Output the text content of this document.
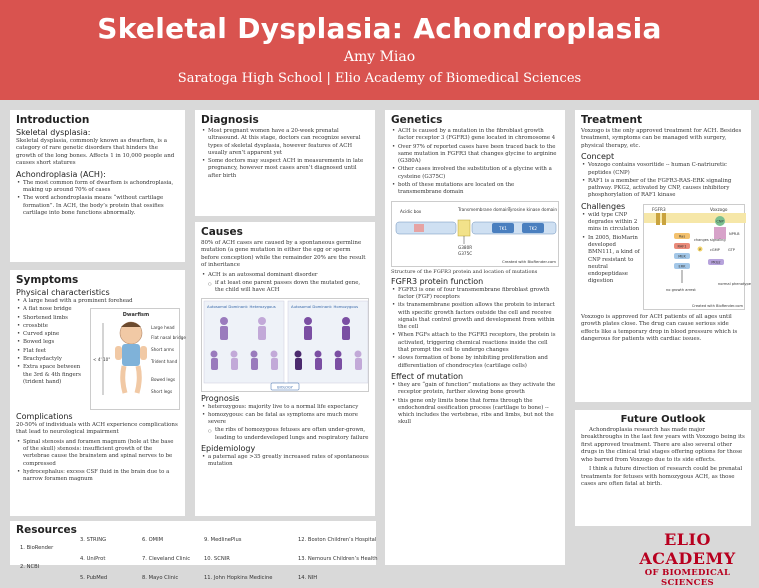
Skeletal Dysplasia: Achondroplasia
Amy Miao
Saratoga High School | Elio Academy of Biomedical Sciences
Introduction
Skeletal dysplasia:

Skeletal dysplasia, commonly known as dwarfism, is a category of rare genetic disorders that hinders the growth of the long bones. Affects 1 in 10,000 people and causes short statures

Achondroplasia (ACH):
• The most common form of dwarfism is achondroplasia, making up around 70% of cases
• The word achondroplasia means “without cartilage formation”. In ACH, the body’s protein that ossifies cartilage into bone functions abnormally.
Symptoms
Physical characteristics
• A large head with a prominent forehead
• A flat nose bridge
• Shortened limbs
• crossbite
• Curved spine
• Bowed legs
• Flat feet
• Brachydactyly
• Extra space between the 3rd & 4th fingers (trident hand)
Dwarfism
< 4' 10"
Large head
Flat nasal bridge
Short arms
Trident hand
Bowed legs
Short legs
Complications

20-50% of individuals with ACH experience complications that lead to neurological impairment

• Spinal stenosis and foramen magnum (hole at the base of the skull) stenosis: insufficient growth of the vertebrae cause the brainstem and spinal nerves to be compressed
• hydrocephalus: excess CSF fluid in the brain due to a narrow foramen magnum
Resources
1. BioRender
2. NCBI
3. STRING
4. UniProt
5. PubMed
6. OMIM
7. Cleveland Clinic
8. Mayo Clinic
9. MedlinePlus
10. SCNIR
11. John Hopkins Medicine
12. Boston Children’s Hospital
13. Nemours Children’s Health
14. NIH
Diagnosis
• Most pregnant women have a 20-week prenatal ultrasound. At this stage, doctors can recognize several types of skeletal dysplasia, however features of ACH usually aren’t apparent yet
• Some doctors may suspect ACH in measurements in late pregnancy, however most cases aren’t diagnosed until after birth
Causes

80% of ACH cases are caused by a spontaneous germline mutation (a gene mutation in either the egg or sperm before conception) while the remainder 20% are the result of inheritance

• ACH is an autosomal dominant disorder
○ if at least one parent passes down the mutated gene, the child will have ACH
Autosomal Dominant: Heterozygous	Autosomal Dominant: Homozygous
BIOLOGY
Prognosis
• heterozygous: majority live to a normal life expectancy
• homozygous: can be fatal as symptoms are much more severe
○ the ribs of homozygous fetuses are often under-grown, leading to underdeveloped lungs and respiratory failure
Epidemiology
• a paternal age >35 greatly increased rates of spontaneous mutation
Genetics
• ACH is caused by a mutation in the fibroblast growth factor receptor 3 (FGFR3) gene located in chromosome 4
• Over 97% of reported cases have been traced back to the same mutation in FGFR3 that changes glycine to arginine (G380A)
• Other cases involved the substitution of a glycine with a cysteine (G375C)
• both of these mutations are located on the transmembrane domain
Acidic box	Transmembrane domain Tyrosine kinase domain
TK1	TK2
G380R
G375C
Created with BioRender.com
Structure of the FGFR3 protein and location of mutations
FGFR3 protein function
• FGFR3 is one of four transmembrane fibroblast growth factor (FGF) receptors
• its transmembrane position allows the protein to interact with specific growth factors outside the cell and receive signals that control growth and development from within the cell
• When FGFs attach to the FGFR3 receptors, the protein is activated, triggering chemical reactions inside the cell that prompt the cell to undergo changes
• slows formation of bone by inhibiting proliferation and differentiation of chondrocytes (cartilage cells)
Effect of mutation
• they are “gain of function” mutations as they activate the receptor protein, further slowing bone growth
• this gene only limits bone that forms through the endochondral ossification process (cartilage to bone) -- which includes the vertebrae, ribs and limbs, but not the skull
Treatment

Voxzogo is the only approved treatment for ACH. Besides treatment, symptoms can be managed with surgery, physical therapy, etc.

Concept
• Voxzogo contains vosoritide -- human C-natriuretic peptides (CNP)
• RAF1 is a member of the FGFR3-RAS-ERK signaling pathway. PKG2, activated by CNP, causes inhibitory phosphorylation of RAF1 kinase
Challenges
• wild type CNP degrades within 2 mins in circulation
• In 2005, BioMarin developed BMN111, a kind of CNP resistant to neutral endopeptidase digestion
FGFR3	Voxzogo
CNP
NPR-B
Ras
RAF1
MEK
ERK
cGMP GTP
PKG2
changes signaling
P
no growth arrest
normal phenotype
Created with BioRender.com

Voxzogo is approved for ACH patients of all ages until growth plates close. The drug can cause serious side effects like a temporary drop in blood pressure which is dangerous for patients with cardiac issues.

Future Outlook

Achondroplasia research has made major breakthroughs in the last few years with Voxzogo being its first approved treatment. There are also several other drugs in the clinical trial stages offering options for those who barred from Voxzogo due to its side effects.

I think a future direction of research could be prenatal treatments for fetuses with homozygous ACH, as those cases are often fatal at birth.

ELIO ACADEMY
OF BIOMEDICAL SCIENCES
